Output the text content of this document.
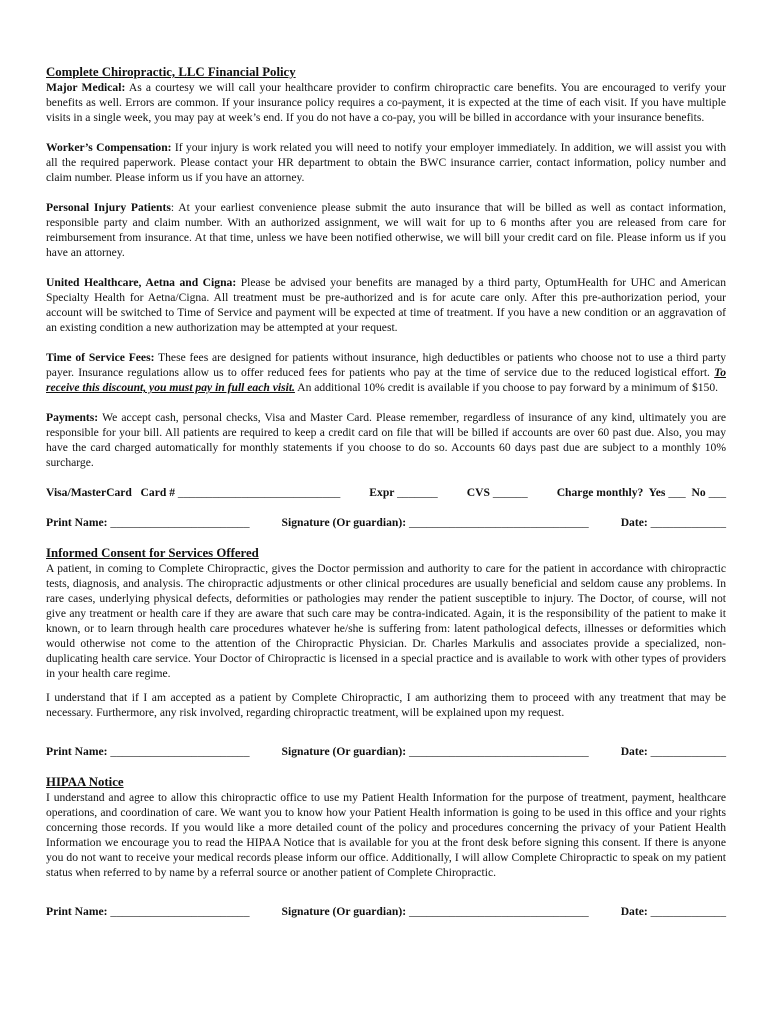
Complete Chiropractic, LLC Financial Policy

Major Medical: As a courtesy we will call your healthcare provider to confirm chiropractic care benefits. You are encouraged to verify your benefits as well. Errors are common. If your insurance policy requires a co-payment, it is expected at the time of each visit. If you have multiple visits in a single week, you may pay at week’s end. If you do not have a co-pay, you will be billed in accordance with your insurance benefits.

Worker’s Compensation: If your injury is work related you will need to notify your employer immediately. In addition, we will assist you with all the required paperwork. Please contact your HR department to obtain the BWC insurance carrier, contact information, policy number and claim number. Please inform us if you have an attorney.

Personal Injury Patients: At your earliest convenience please submit the auto insurance that will be billed as well as contact information, responsible party and claim number. With an authorized assignment, we will wait for up to 6 months after you are released from care for reimbursement from insurance. At that time, unless we have been notified otherwise, we will bill your credit card on file. Please inform us if you have an attorney.

United Healthcare, Aetna and Cigna: Please be advised your benefits are managed by a third party, OptumHealth for UHC and American Specialty Health for Aetna/Cigna. All treatment must be pre-authorized and is for acute care only. After this pre-authorization period, your account will be switched to Time of Service and payment will be expected at time of treatment. If you have a new condition or an aggravation of an existing condition a new authorization may be attempted at your request.

Time of Service Fees: These fees are designed for patients without insurance, high deductibles or patients who choose not to use a third party payer. Insurance regulations allow us to offer reduced fees for patients who pay at the time of service due to the reduced logistical effort. To receive this discount, you must pay in full each visit. An additional 10% credit is available if you choose to pay forward by a minimum of $150.

Payments: We accept cash, personal checks, Visa and Master Card. Please remember, regardless of insurance of any kind, ultimately you are responsible for your bill. All patients are required to keep a credit card on file that will be billed if accounts are over 60 past due. Also, you may have the card charged automatically for monthly statements if you choose to do so. Accounts 60 days past due are subject to a monthly 10% surcharge.

Visa/MasterCard   Card # ____________________________	Expr _______	CVS ______	Charge monthly?  Yes ___  No ___
Print Name: ________________________	Signature (Or guardian): _______________________________	Date: _____________
Informed Consent for Services Offered

A patient, in coming to Complete Chiropractic, gives the Doctor permission and authority to care for the patient in accordance with chiropractic tests, diagnosis, and analysis. The chiropractic adjustments or other clinical procedures are usually beneficial and seldom cause any problems. In rare cases, underlying physical defects, deformities or pathologies may render the patient susceptible to injury. The Doctor, of course, will not give any treatment or health care if they are aware that such care may be contra-indicated. Again, it is the responsibility of the patient to make it known, or to learn through health care procedures whatever he/she is suffering from: latent pathological defects, illnesses or deformities which would otherwise not come to the attention of the Chiropractic Physician. Dr. Charles Markulis and associates provide a specialized, non-duplicating health care service. Your Doctor of Chiropractic is licensed in a special practice and is available to work with other types of providers in your health care regime.

I understand that if I am accepted as a patient by Complete Chiropractic, I am authorizing them to proceed with any treatment that may be necessary. Furthermore, any risk involved, regarding chiropractic treatment, will be explained upon my request.

Print Name: ________________________	Signature (Or guardian): _______________________________	Date: _____________
HIPAA Notice

I understand and agree to allow this chiropractic office to use my Patient Health Information for the purpose of treatment, payment, healthcare operations, and coordination of care. We want you to know how your Patient Health information is going to be used in this office and your rights concerning those records. If you would like a more detailed count of the policy and procedures concerning the privacy of your Patient Health Information we encourage you to read the HIPAA Notice that is available for you at the front desk before signing this consent. If there is anyone you do not want to receive your medical records please inform our office. Additionally, I will allow Complete Chiropractic to speak on my patient status when referred to by name by a referral source or another patient of Complete Chiropractic.

Print Name: ________________________	Signature (Or guardian): _______________________________	Date: _____________
